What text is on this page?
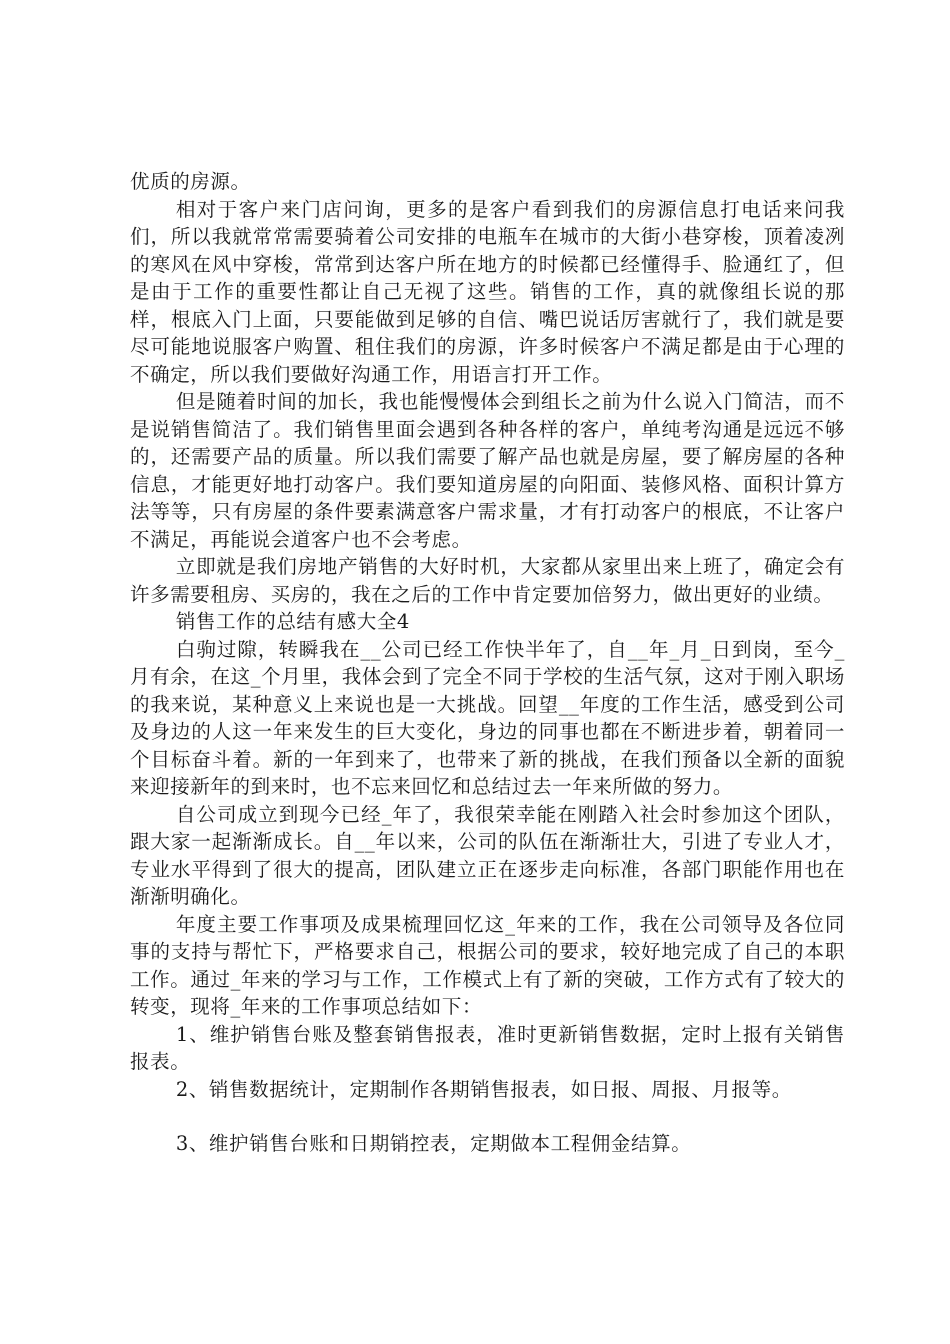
优质的房源。

相对于客户来门店问询，更多的是客户看到我们的房源信息打电话来问我们，所以我就常常需要骑着公司安排的电瓶车在城市的大街小巷穿梭，顶着凌冽的寒风在风中穿梭，常常到达客户所在地方的时候都已经懂得手、脸通红了，但是由于工作的重要性都让自己无视了这些。销售的工作，真的就像组长说的那样，根底入门上面，只要能做到足够的自信、嘴巴说话厉害就行了，我们就是要尽可能地说服客户购置、租住我们的房源，许多时候客户不满足都是由于心理的不确定，所以我们要做好沟通工作，用语言打开工作。

但是随着时间的加长，我也能慢慢体会到组长之前为什么说入门简洁，而不是说销售简洁了。我们销售里面会遇到各种各样的客户，单纯考沟通是远远不够的，还需要产品的质量。所以我们需要了解产品也就是房屋，要了解房屋的各种信息，才能更好地打动客户。我们要知道房屋的向阳面、装修风格、面积计算方法等等，只有房屋的条件要素满意客户需求量，才有打动客户的根底，不让客户不满足，再能说会道客户也不会考虑。

立即就是我们房地产销售的大好时机，大家都从家里出来上班了，确定会有许多需要租房、买房的，我在之后的工作中肯定要加倍努力，做出更好的业绩。

销售工作的总结有感大全4

白驹过隙，转瞬我在__公司已经工作快半年了，自__年_月_日到岗，至今_月有余，在这_个月里，我体会到了完全不同于学校的生活气氛，这对于刚入职场的我来说，某种意义上来说也是一大挑战。回望__年度的工作生活，感受到公司及身边的人这一年来发生的巨大变化，身边的同事也都在不断进步着，朝着同一个目标奋斗着。新的一年到来了，也带来了新的挑战，在我们预备以全新的面貌来迎接新年的到来时，也不忘来回忆和总结过去一年来所做的努力。

自公司成立到现今已经_年了，我很荣幸能在刚踏入社会时参加这个团队，跟大家一起渐渐成长。自__年以来，公司的队伍在渐渐壮大，引进了专业人才，专业水平得到了很大的提高，团队建立正在逐步走向标准，各部门职能作用也在渐渐明确化。

年度主要工作事项及成果梳理回忆这_年来的工作，我在公司领导及各位同事的支持与帮忙下，严格要求自己，根据公司的要求，较好地完成了自己的本职工作。通过_年来的学习与工作，工作模式上有了新的突破，工作方式有了较大的转变，现将_年来的工作事项总结如下：

1、维护销售台账及整套销售报表，准时更新销售数据，定时上报有关销售报表。

2、销售数据统计，定期制作各期销售报表，如日报、周报、月报等。

3、维护销售台账和日期销控表，定期做本工程佣金结算。
